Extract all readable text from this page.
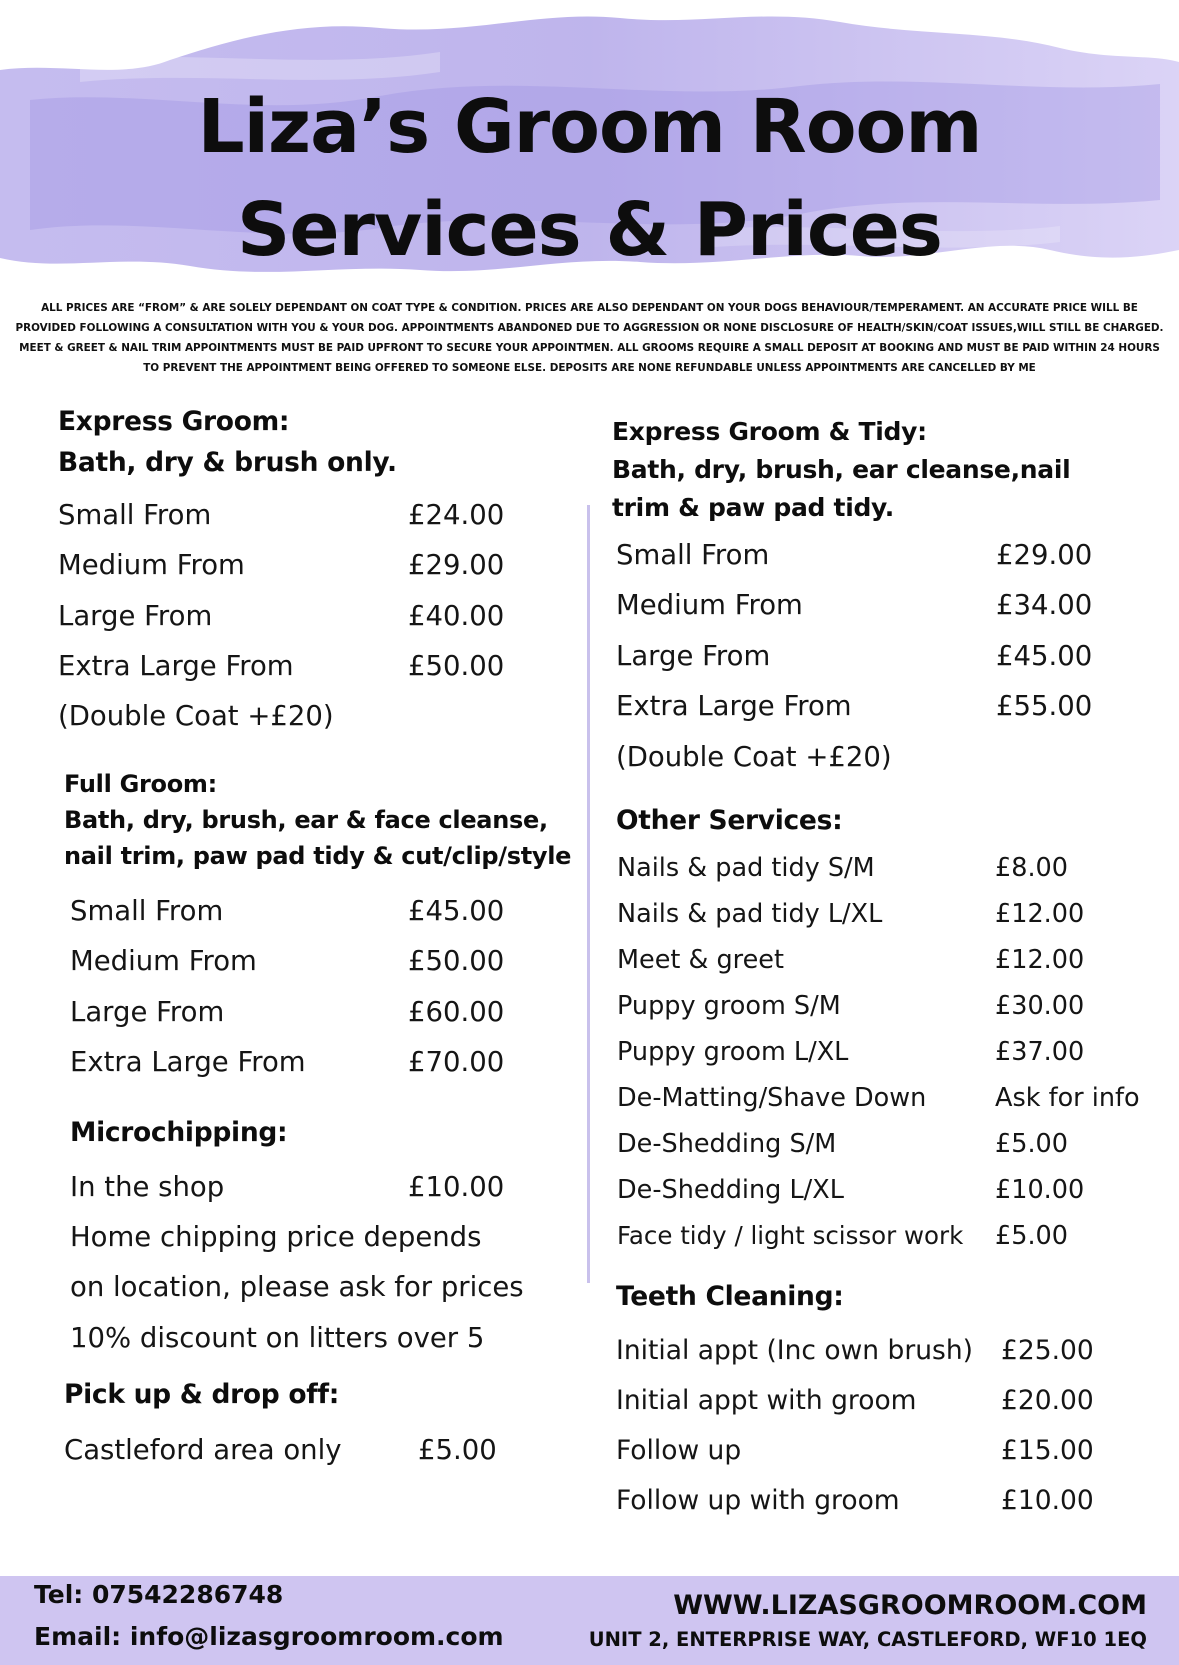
Liza’s Groom Room
Services & Prices
ALL PRICES ARE “FROM” & ARE SOLELY DEPENDANT ON COAT TYPE & CONDITION. PRICES ARE ALSO DEPENDANT ON YOUR DOGS BEHAVIOUR/TEMPERAMENT. AN ACCURATE PRICE WILL BE PROVIDED FOLLOWING A CONSULTATION WITH YOU & YOUR DOG. APPOINTMENTS ABANDONED DUE TO AGGRESSION OR NONE DISCLOSURE OF HEALTH/SKIN/COAT ISSUES,WILL STILL BE CHARGED. MEET & GREET & NAIL TRIM APPOINTMENTS MUST BE PAID UPFRONT TO SECURE YOUR APPOINTMEN. ALL GROOMS REQUIRE A SMALL DEPOSIT AT BOOKING AND MUST BE PAID WITHIN 24 HOURS TO PREVENT THE APPOINTMENT BEING OFFERED TO SOMEONE ELSE. DEPOSITS ARE NONE REFUNDABLE UNLESS APPOINTMENTS ARE CANCELLED BY ME
Express Groom:
Bath, dry & brush only.
Small From	£24.00
Medium From	£29.00
Large From	£40.00
Extra Large From	£50.00
(Double Coat +£20)
Full Groom:
Bath, dry, brush, ear & face cleanse,
nail trim, paw pad tidy & cut/clip/style
Small From	£45.00
Medium From	£50.00
Large From	£60.00
Extra Large From	£70.00
Microchipping:
In the shop	£10.00
Home chipping price depends
on location, please ask for prices
10% discount on litters over 5
Pick up & drop off:
Castleford area only	£5.00
Express Groom & Tidy:
Bath, dry, brush, ear cleanse,nail
trim & paw pad tidy.
Small From	£29.00
Medium From	£34.00
Large From	£45.00
Extra Large From	£55.00
(Double Coat +£20)
Other Services:
Nails & pad tidy S/M	£8.00
Nails & pad tidy L/XL	£12.00
Meet & greet	£12.00
Puppy groom S/M	£30.00
Puppy groom L/XL	£37.00
De-Matting/Shave Down	Ask for info
De-Shedding S/M	£5.00
De-Shedding L/XL	£10.00
Face tidy / light scissor work £5.00
Teeth Cleaning:
Initial appt (Inc own brush) £25.00
Initial appt with groom	£20.00
Follow up	£15.00
Follow up with groom	£10.00
Tel: 07542286748
Email: info@lizasgroomroom.com
WWW.LIZASGROOMROOM.COM
UNIT 2, ENTERPRISE WAY, CASTLEFORD, WF10 1EQ
